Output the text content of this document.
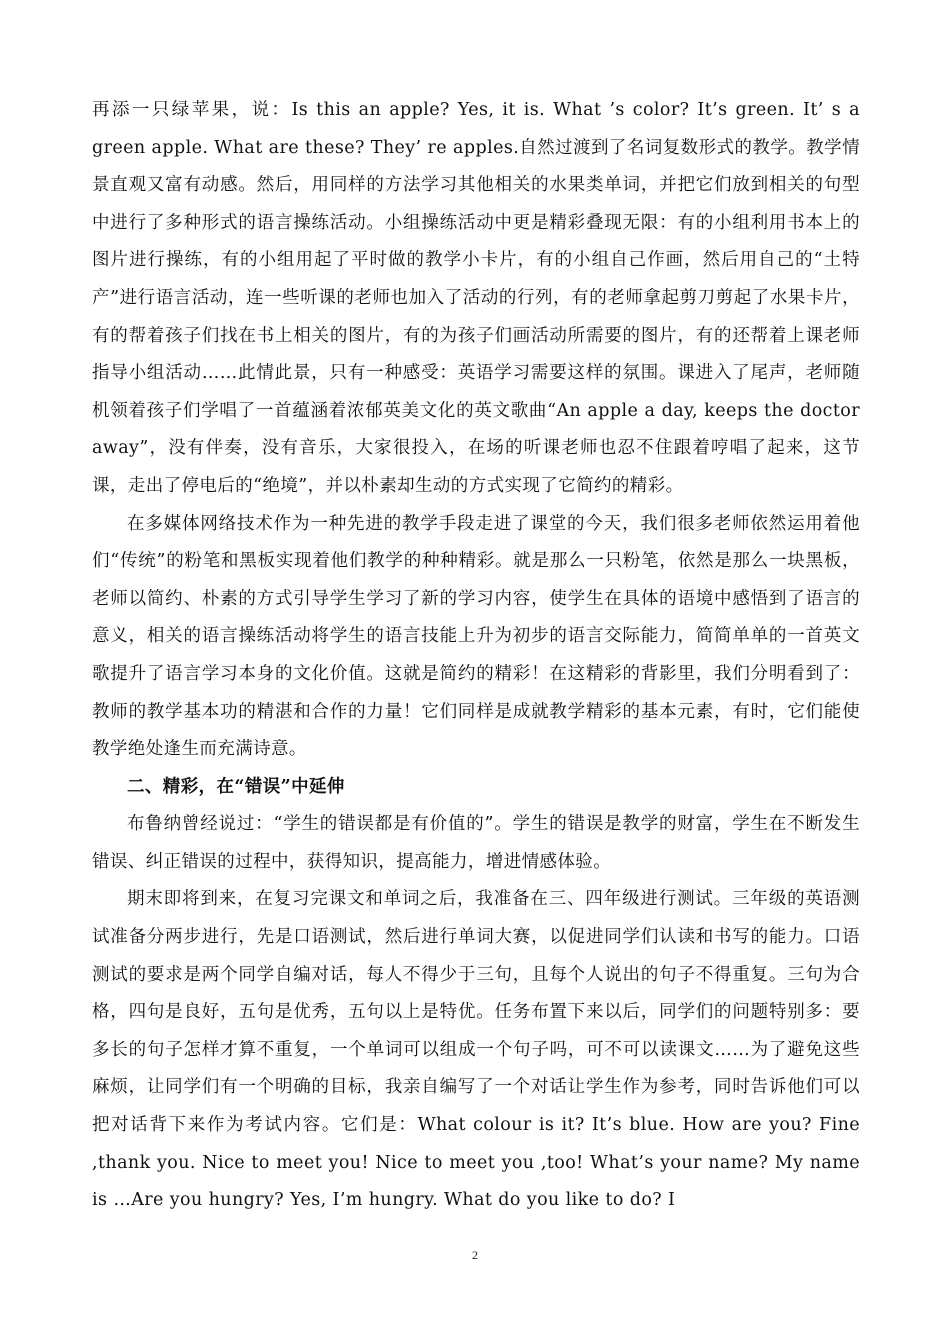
再添一只绿苹果，说：Is this an apple? Yes, it is. What ’s color? It’s green. It’ s a green apple. What are these? They’ re apples.自然过渡到了名词复数形式的教学。教学情景直观又富有动感。然后，用同样的方法学习其他相关的水果类单词，并把它们放到相关的句型中进行了多种形式的语言操练活动。小组操练活动中更是精彩叠现无限：有的小组利用书本上的图片进行操练，有的小组用起了平时做的教学小卡片，有的小组自己作画，然后用自己的“土特产”进行语言活动，连一些听课的老师也加入了活动的行列，有的老师拿起剪刀剪起了水果卡片，有的帮着孩子们找在书上相关的图片，有的为孩子们画活动所需要的图片，有的还帮着上课老师指导小组活动……此情此景，只有一种感受：英语学习需要这样的氛围。课进入了尾声，老师随机领着孩子们学唱了一首蕴涵着浓郁英美文化的英文歌曲“An apple a day, keeps the doctor away”，没有伴奏，没有音乐，大家很投入，在场的听课老师也忍不住跟着哼唱了起来，这节课，走出了停电后的“绝境”，并以朴素却生动的方式实现了它简约的精彩。

在多媒体网络技术作为一种先进的教学手段走进了课堂的今天，我们很多老师依然运用着他们“传统”的粉笔和黑板实现着他们教学的种种精彩。就是那么一只粉笔，依然是那么一块黑板，老师以简约、朴素的方式引导学生学习了新的学习内容，使学生在具体的语境中感悟到了语言的意义，相关的语言操练活动将学生的语言技能上升为初步的语言交际能力，简简单单的一首英文歌提升了语言学习本身的文化价值。这就是简约的精彩！在这精彩的背影里，我们分明看到了：教师的教学基本功的精湛和合作的力量！它们同样是成就教学精彩的基本元素，有时，它们能使教学绝处逢生而充满诗意。

二、精彩，在“错误”中延伸

布鲁纳曾经说过：“学生的错误都是有价值的”。学生的错误是教学的财富，学生在不断发生错误、纠正错误的过程中，获得知识，提高能力，增进情感体验。

期末即将到来，在复习完课文和单词之后，我准备在三、四年级进行测试。三年级的英语测试准备分两步进行，先是口语测试，然后进行单词大赛，以促进同学们认读和书写的能力。口语测试的要求是两个同学自编对话，每人不得少于三句，且每个人说出的句子不得重复。三句为合格，四句是良好，五句是优秀，五句以上是特优。任务布置下来以后，同学们的问题特别多：要多长的句子怎样才算不重复，一个单词可以组成一个句子吗，可不可以读课文……为了避免这些麻烦，让同学们有一个明确的目标，我亲自编写了一个对话让学生作为参考，同时告诉他们可以把对话背下来作为考试内容。它们是：What colour is it? It’s blue. How are you? Fine ,thank you. Nice to meet you! Nice to meet you ,too! What’s your name? My name is …Are you hungry? Yes, I’m hungry. What do you like to do? I

2
